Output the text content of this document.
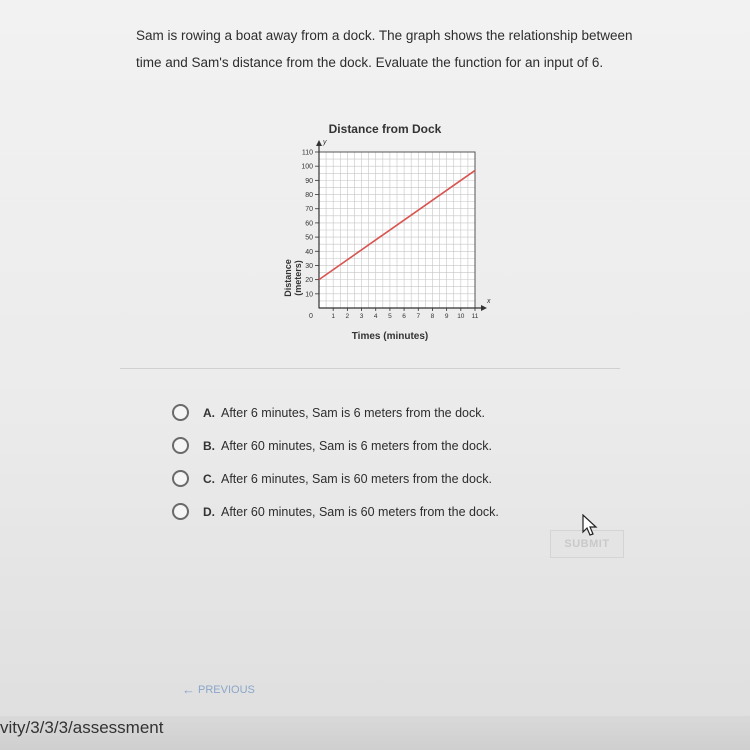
Sam is rowing a boat away from a dock. The graph shows the relationship between time and Sam's distance from the dock. Evaluate the function for an input of 6.
Distance from Dock
y
x
10
20
30
40
50
60
70
80
90
100
110
1 2 3 4 5 6 7 8 9 10 11
0
Distance (meters)
Times (minutes)
A. After 6 minutes, Sam is 6 meters from the dock.
B. After 60 minutes, Sam is 6 meters from the dock.
C. After 6 minutes, Sam is 60 meters from the dock.
D. After 60 minutes, Sam is 60 meters from the dock.
SUBMIT
← PREVIOUS
vity/3/3/3/assessment
